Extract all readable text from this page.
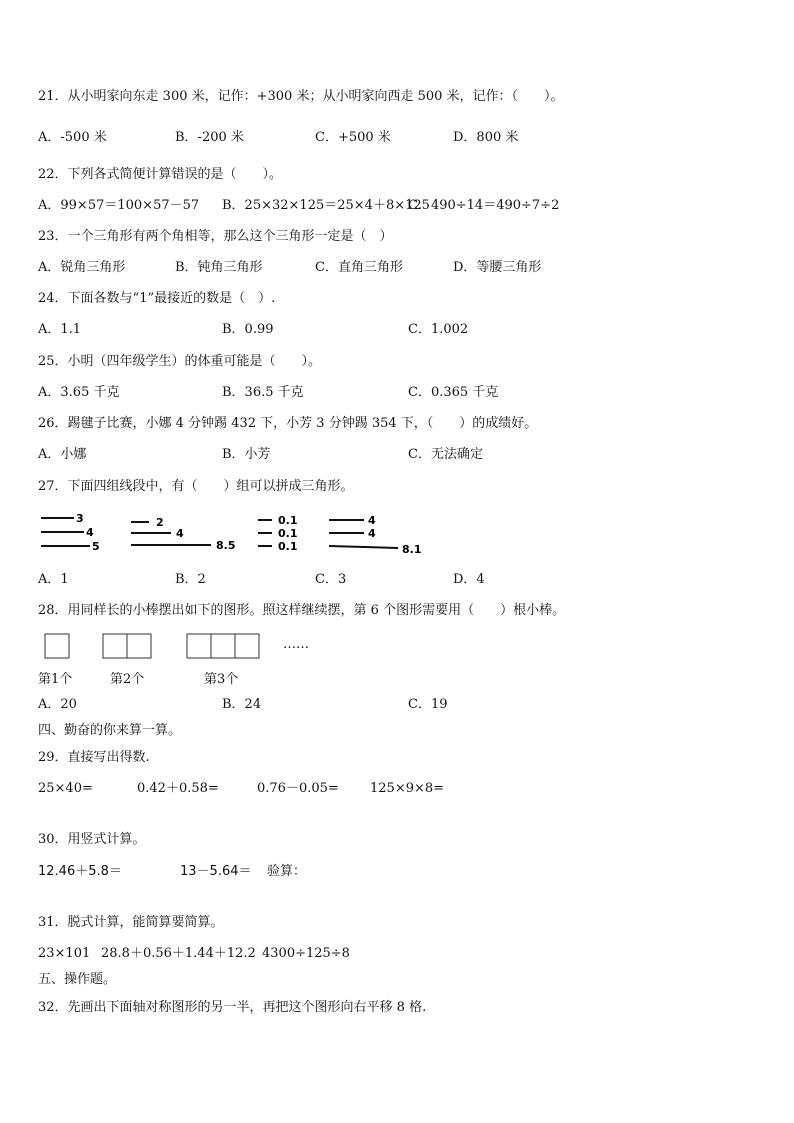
21．从小明家向东走 300 米，记作：+300 米；从小明家向西走 500 米，记作：（　　）。
A．-500 米	B．-200 米	C．+500 米	D．800 米
22．下列各式简便计算错误的是（　　）。
A．99×57＝100×57－57 B．25×32×125＝25×4＋8×125
C．490÷14＝490÷7÷2
23．一个三角形有两个角相等，那么这个三角形一定是（　）
A．锐角三角形	B．钝角三角形	C．直角三角形	D．等腰三角形
24．下面各数与“1”最接近的数是（　）.
A．1.1	B．0.99	C．1.002
25．小明（四年级学生）的体重可能是（　　）。
A．3.65 千克	B．36.5 千克	C．0.365 千克
26．踢毽子比赛，小娜 4 分钟踢 432 下，小芳 3 分钟踢 354 下，（　　）的成绩好。
A．小娜	B．小芳	C．无法确定
27．下面四组线段中，有（　　）组可以拼成三角形。
3
4
5
2
4
8.5
0.1
0.1
0.1
4
4
8.1
A．1	B．2	C．3	D．4
28．用同样长的小棒摆出如下的图形。照这样继续摆，第 6 个图形需要用（　　）根小棒。
……
第1个	第2个	第3个
A．20	B．24	C．19
四、勤奋的你来算一算。
29．直接写出得数.
25×40=	0.42＋0.58=	0.76－0.05= 125×9×8=
30．用竖式计算。
12.46＋5.8＝	13－5.64＝ 验算：
31．脱式计算，能简算要简算。
23×101 28.8＋0.56＋1.44＋12.2 4300÷125÷8
五、操作题。
32．先画出下面轴对称图形的另一半，再把这个图形向右平移 8 格.
